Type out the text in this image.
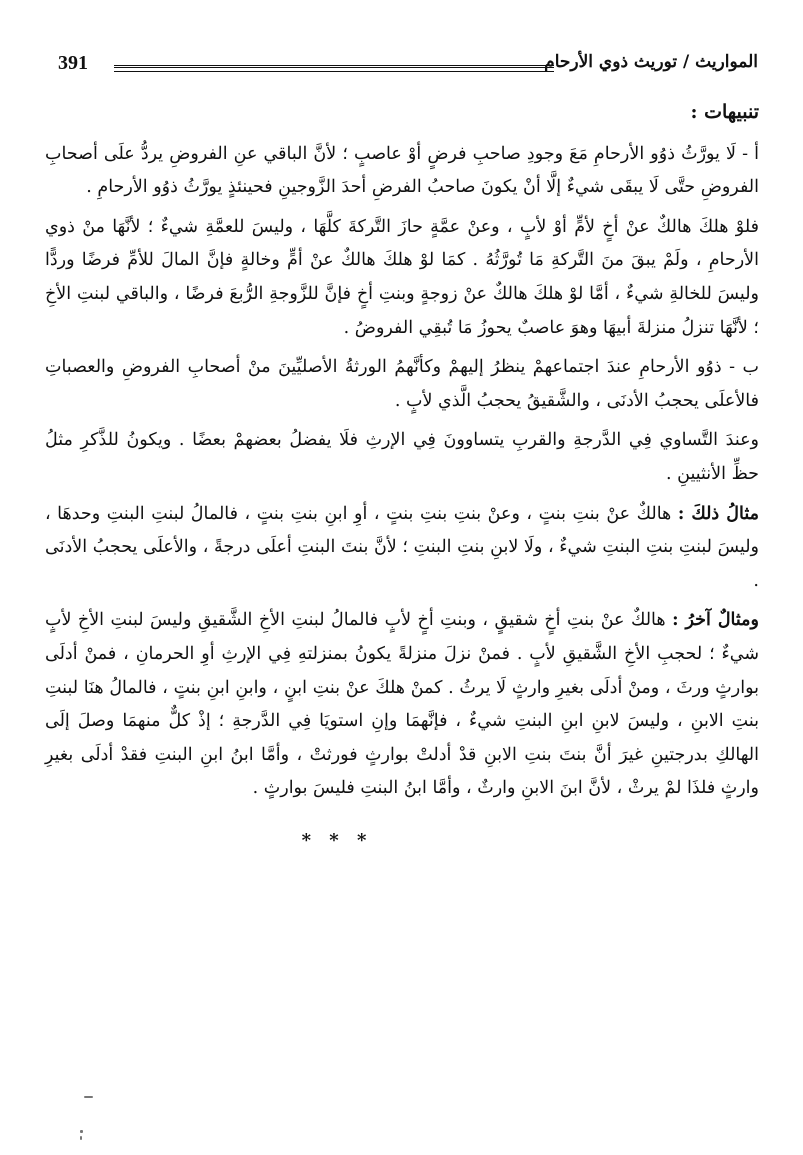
391	المواريث / توريث ذوي الأرحام
تنبيهات :

أ - لَا يورَّثُ ذوُو الأرحامِ مَعَ وجودِ صاحبِ فرضٍ أوْ عاصبٍ ؛ لأنَّ الباقي عنِ الفروضِ يردُّ علَى أصحابِ الفروضِ حتَّى لَا يبقَى شيءٌ إلَّا أنْ يكونَ صاحبُ الفرضِ أحدَ الزَّوجينِ فحينئذٍ يورَّثُ ذوُو الأرحامِ .

فلوْ هلكَ هالكٌ عنْ أخٍ لأمٍّ أوْ لأبٍ ، وعنْ عمَّةٍ حازَ التَّركةَ كلَّهَا ، وليسَ للعمَّةِ شيءٌ ؛ لأنَّهَا منْ ذوي الأرحامِ ، ولَمْ يبقَ منَ التَّركةِ مَا تُورَّثُهُ . كمَا لوْ هلكَ هالكٌ عنْ أمٍّ وخالةٍ فإنَّ المالَ للأمِّ فرضًا وردًّا وليسَ للخالةِ شيءٌ ، أمَّا لوْ هلكَ هالكٌ عنْ زوجةٍ وبنتِ أخٍ فإنَّ للزَّوجةِ الرُّبعَ فرضًا ، والباقي لبنتِ الأخِ ؛ لأنَّهَا تنزلُ منزلةَ أبيهَا وهوَ عاصبٌ يحوزُ مَا تُبقِي الفروضُ .

ب - ذوُو الأرحامِ عندَ اجتماعهمْ ينظرُ إليهمْ وكأنَّهمُ الورثةُ الأصليِّينَ منْ أصحابِ الفروضِ والعصباتِ فالأعلَى يحجبُ الأدنَى ، والشَّقيقُ يحجبُ الَّذي لأبٍ .

وعندَ التَّساوي فِي الدَّرجةِ والقربِ يتساوونَ فِي الإرثِ فلَا يفضلُ بعضهمْ بعضًا . ويكونُ للذَّكرِ مثلُ حظِّ الأنثيينِ .

مثالُ ذلكَ : هالكٌ عنْ بنتِ بنتٍ ، وعنْ بنتِ بنتِ بنتٍ ، أوِ ابنِ بنتِ بنتٍ ، فالمالُ لبنتِ البنتِ وحدهَا ، وليسَ لبنتِ بنتِ البنتِ شيءٌ ، ولَا لابنِ بنتِ البنتِ ؛ لأنَّ بنتَ البنتِ أعلَى درجةً ، والأعلَى يحجبُ الأدنَى .

ومثالٌ آخرُ : هالكٌ عنْ بنتِ أخٍ شقيقٍ ، وبنتِ أخٍ لأبٍ فالمالُ لبنتِ الأخِ الشَّقيقِ وليسَ لبنتِ الأخِ لأبٍ شيءٌ ؛ لحجبِ الأخِ الشَّقيقِ لأبٍ . فمنْ نزلَ منزلةً يكونُ بمنزلتهِ فِي الإرثِ أوِ الحرمانِ ، فمنْ أدلَى بوارثٍ ورثَ ، ومنْ أدلَى بغيرِ وارثٍ لَا يرثُ . كمنْ هلكَ عنْ بنتِ ابنٍ ، وابنِ ابنِ بنتٍ ، فالمالُ هنَا لبنتِ بنتِ الابنِ ، وليسَ لابنِ ابنِ البنتِ شيءٌ ، فإنَّهمَا وإنِ استويَا فِي الدَّرجةِ ؛ إذْ كلٌّ منهمَا وصلَ إلَى الهالكِ بدرجتينِ غيرَ أنَّ بنتَ بنتِ الابنِ قدْ أدلتْ بوارثٍ فورثتْ ، وأمَّا ابنُ ابنِ البنتِ فقدْ أدلَى بغيرِ وارثٍ فلذَا لمْ يرثْ ، لأنَّ ابنَ الابنِ وارثٌ ، وأمَّا ابنُ البنتِ فليسَ بوارثٍ .

* * *
